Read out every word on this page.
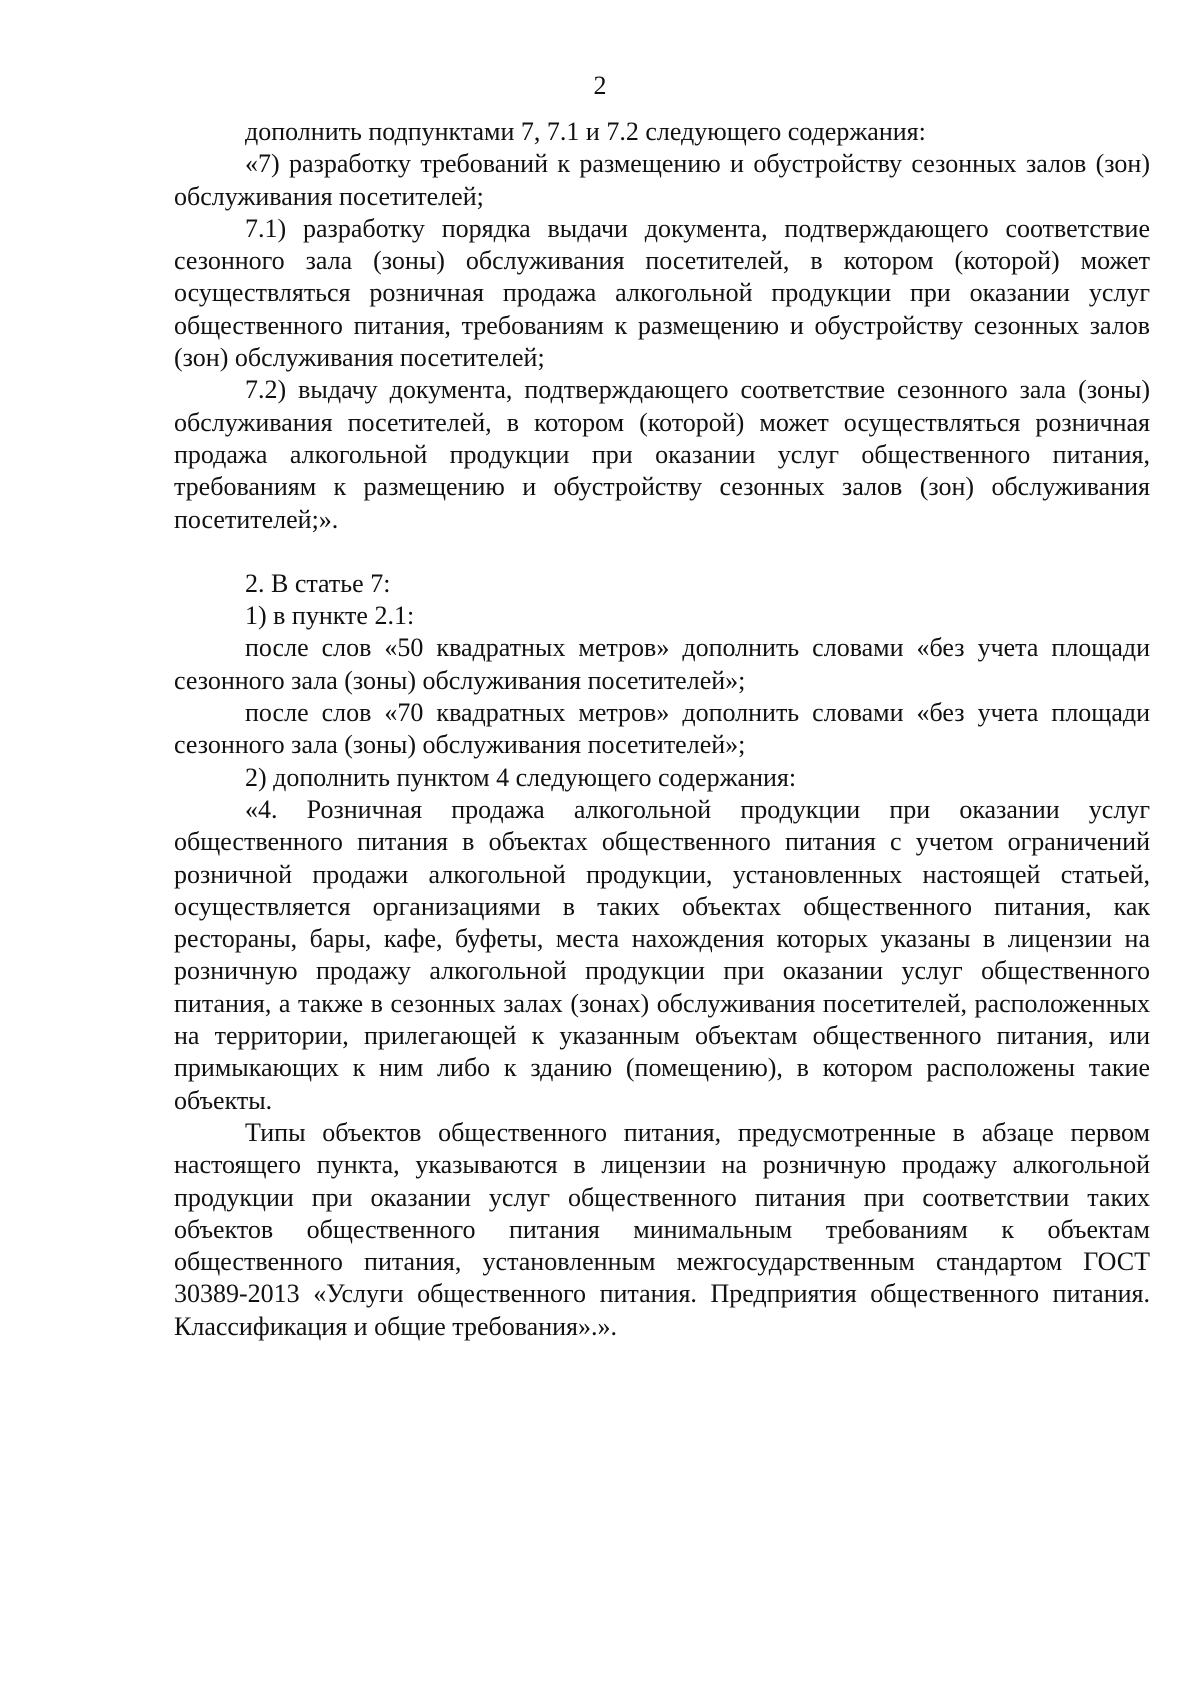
2

дополнить подпунктами 7, 7.1 и 7.2 следующего содержания:

«7) разработку требований к размещению и обустройству сезонных залов (зон) обслуживания посетителей;

7.1) разработку порядка выдачи документа, подтверждающего соответствие сезонного зала (зоны) обслуживания посетителей, в котором (которой) может осуществляться розничная продажа алкогольной продукции при оказании услуг общественного питания, требованиям к размещению и обустройству сезонных залов (зон) обслуживания посетителей;

7.2) выдачу документа, подтверждающего соответствие сезонного зала (зоны) обслуживания посетителей, в котором (которой) может осуществляться розничная продажа алкогольной продукции при оказании услуг общественного питания, требованиям к размещению и обустройству сезонных залов (зон) обслуживания посетителей;».

2. В статье 7:

1) в пункте 2.1:

после слов «50 квадратных метров» дополнить словами «без учета площади сезонного зала (зоны) обслуживания посетителей»;

после слов «70 квадратных метров» дополнить словами «без учета площади сезонного зала (зоны) обслуживания посетителей»;

2) дополнить пунктом 4 следующего содержания:

«4. Розничная продажа алкогольной продукции при оказании услуг общественного питания в объектах общественного питания с учетом ограничений розничной продажи алкогольной продукции, установленных настоящей статьей, осуществляется организациями в таких объектах общественного питания, как рестораны, бары, кафе, буфеты, места нахождения которых указаны в лицензии на розничную продажу алкогольной продукции при оказании услуг общественного питания, а также в сезонных залах (зонах) обслуживания посетителей, расположенных на территории, прилегающей к указанным объектам общественного питания, или примыкающих к ним либо к зданию (помещению), в котором расположены такие объекты.

Типы объектов общественного питания, предусмотренные в абзаце первом настоящего пункта, указываются в лицензии на розничную продажу алкогольной продукции при оказании услуг общественного питания при соответствии таких объектов общественного питания минимальным требованиям к объектам общественного питания, установленным межгосударственным стандартом ГОСТ 30389-2013 «Услуги общественного питания. Предприятия общественного питания. Классификация и общие требования».».
